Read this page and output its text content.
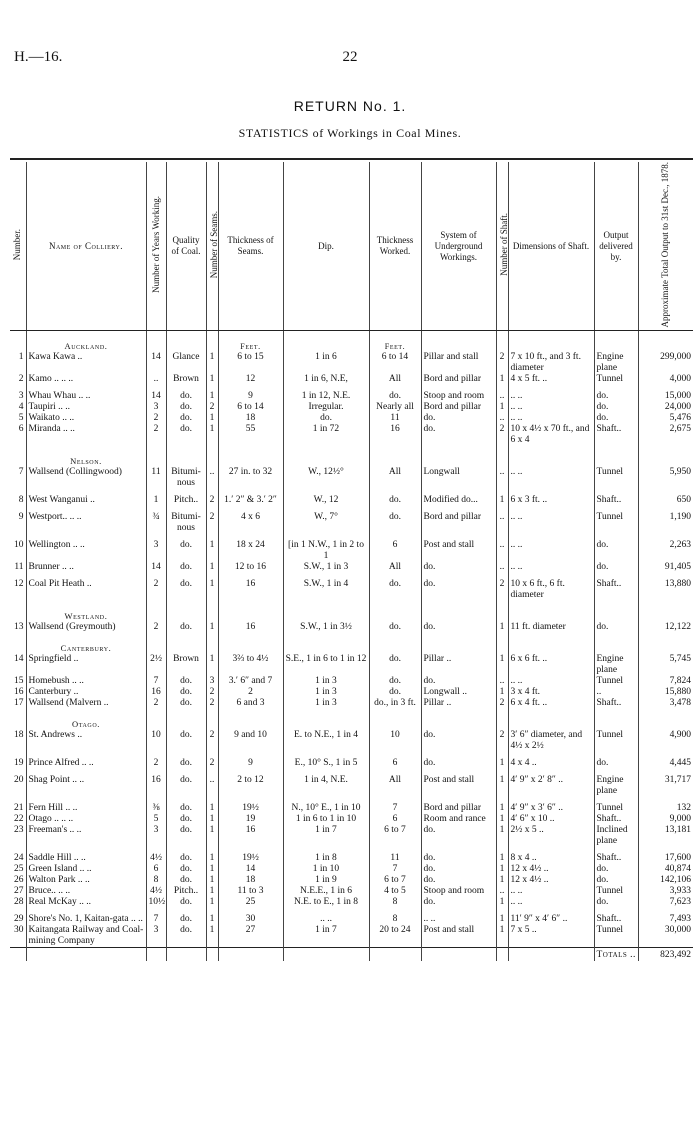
H.—16.	22
RETURN No. 1.
STATISTICS of Workings in Coal Mines.
Number.	Name of Colliery.	Number of Years Working.	Quality of Coal.	Number of Seams.	Thickness of Seams.	Dip.	Thickness Worked.	System of Underground Workings.	Number of Shaft.	Dimensions of Shaft.	Output delivered by.	Approximate Total Output to 31st Dec., 1878.
	Auckland.				Feet.		Feet.					
1	Kawa Kawa ..	14	Glance	1	6 to 15	1 in 6	6 to 14	Pillar and stall	2	7 x 10 ft., and 3 ft. diameter	Engine plane	299,000
2	Kamo .. .. ..	..	Brown	1	12	1 in 6, N.E,	All	Bord and pillar	1	4 x 5 ft. ..	Tunnel	4,000

3	Whau Whau .. ..	14	do.	1	9	1 in 12, N.E.	do.	Stoop and room	..	.. ..	do.	15,000
4	Taupiri .. ..	3	do.	2	6 to 14	Irregular.	Nearly all	Bord and pillar	1	.. ..	do.	24,000
5	Waikato .. ..	2	do.	1	18	do.	11	do.	..	.. ..	do.	5,476
6	Miranda .. ..	2	do.	1	55	1 in 72	16	do.	2	10 x 4½ x 70 ft., and 6 x 4	Shaft..	2,675
	Nelson.											
7	Wallsend (Collingwood)	11	Bitumi-nous	..	27 in. to 32	W., 12½°	All	Longwall	..	.. ..	Tunnel	5,950

8	West Wanganui ..	1	Pitch..	2	1.′ 2″ & 3.′ 2″	W., 12	do.	Modified do...	1	6 x 3 ft. ..	Shaft..	650

9	Westport.. .. ..	¾	Bitumi-nous	2	4 x 6	W., 7°	do.	Bord and pillar	..	.. ..	Tunnel	1,190

10	Wellington .. ..	3	do.	1	18 x 24	[in 1 N.W., 1 in 2 to 1	6	Post and stall	..	.. ..	do.	2,263
11	Brunner .. ..	14	do.	1	12 to 16	S.W., 1 in 3	All	do.	..	.. ..	do.	91,405

12	Coal Pit Heath ..	2	do.	1	16	S.W., 1 in 4	do.	do.	2	10 x 6 ft., 6 ft. diameter	Shaft..	13,880
	Westland.											
13	Wallsend (Greymouth)	2	do.	1	16	S.W., 1 in 3½	do.	do.	1	11 ft. diameter	do.	12,122
	Canterbury.											
14	Springfield ..	2½	Brown	1	3⅔ to 4½	S.E., 1 in 6 to 1 in 12	do.	Pillar ..	1	6 x 6 ft. ..	Engine plane	5,745
15	Homebush .. ..	7	do.	3	3.′ 6″ and 7	1 in 3	do.	do.	..	.. ..	Tunnel	7,824
16	Canterbury ..	16	do.	2	2	1 in 3	do.	Longwall ..	1	3 x 4 ft.	..	15,880
17	Wallsend (Malvern ..	2	do.	2	6 and 3	1 in 3	do., in 3 ft.	Pillar ..	2	6 x 4 ft. ..	Shaft..	3,478
	Otago.											
18	St. Andrews ..	10	do.	2	9 and 10	E. to N.E., 1 in 4	10	do.	2	3′ 6″ diameter, and 4½ x 2½	Tunnel	4,900

19	Prince Alfred .. ..	2	do.	2	9	E., 10° S., 1 in 5	6	do.	1	4 x 4 ..	do.	4,445

20	Shag Point .. ..	16	do.	..	2 to 12	1 in 4, N.E.	All	Post and stall	1	4′ 9″ x 2′ 8″ ..	Engine plane	31,717

21	Fern Hill .. ..	⅜	do.	1	19½	N., 10° E., 1 in 10	7	Bord and pillar	1	4′ 9″ x 3′ 6″ ..	Tunnel	132
22	Otago .. .. ..	5	do.	1	19	1 in 6 to 1 in 10	6	Room and rance	1	4′ 6″ x 10 ..	Shaft..	9,000
23	Freeman's .. ..	3	do.	1	16	1 in 7	6 to 7	do.	1	2½ x 5 ..	Inclined plane	13,181

24	Saddle Hill .. ..	4½	do.	1	19½	1 in 8	11	do.	1	8 x 4 ..	Shaft..	17,600
25	Green Island .. ..	6	do.	1	14	1 in 10	7	do.	1	12 x 4½ ..	do.	40,874
26	Walton Park .. ..	8	do.	1	18	1 in 9	6 to 7	do.	1	12 x 4½ ..	do.	142,106
27	Bruce.. .. ..	4½	Pitch..	1	11 to 3	N.E.E., 1 in 6	4 to 5	Stoop and room	..	.. ..	Tunnel	3,933
28	Real McKay .. ..	10½	do.	1	25	N.E. to E., 1 in 8	8	do.	1	.. ..	do.	7,623

29	Shore's No. 1, Kaitan-gata .. ..	7	do.	1	30	.. ..	8	.. ..	1	11′ 9″ x 4′ 6″ ..	Shaft..	7,493
30	Kaitangata Railway and Coal-mining Company	3	do.	1	27	1 in 7	20 to 24	Post and stall	1	7 x 5 ..	Tunnel	30,000
											Totals ..	823,492
